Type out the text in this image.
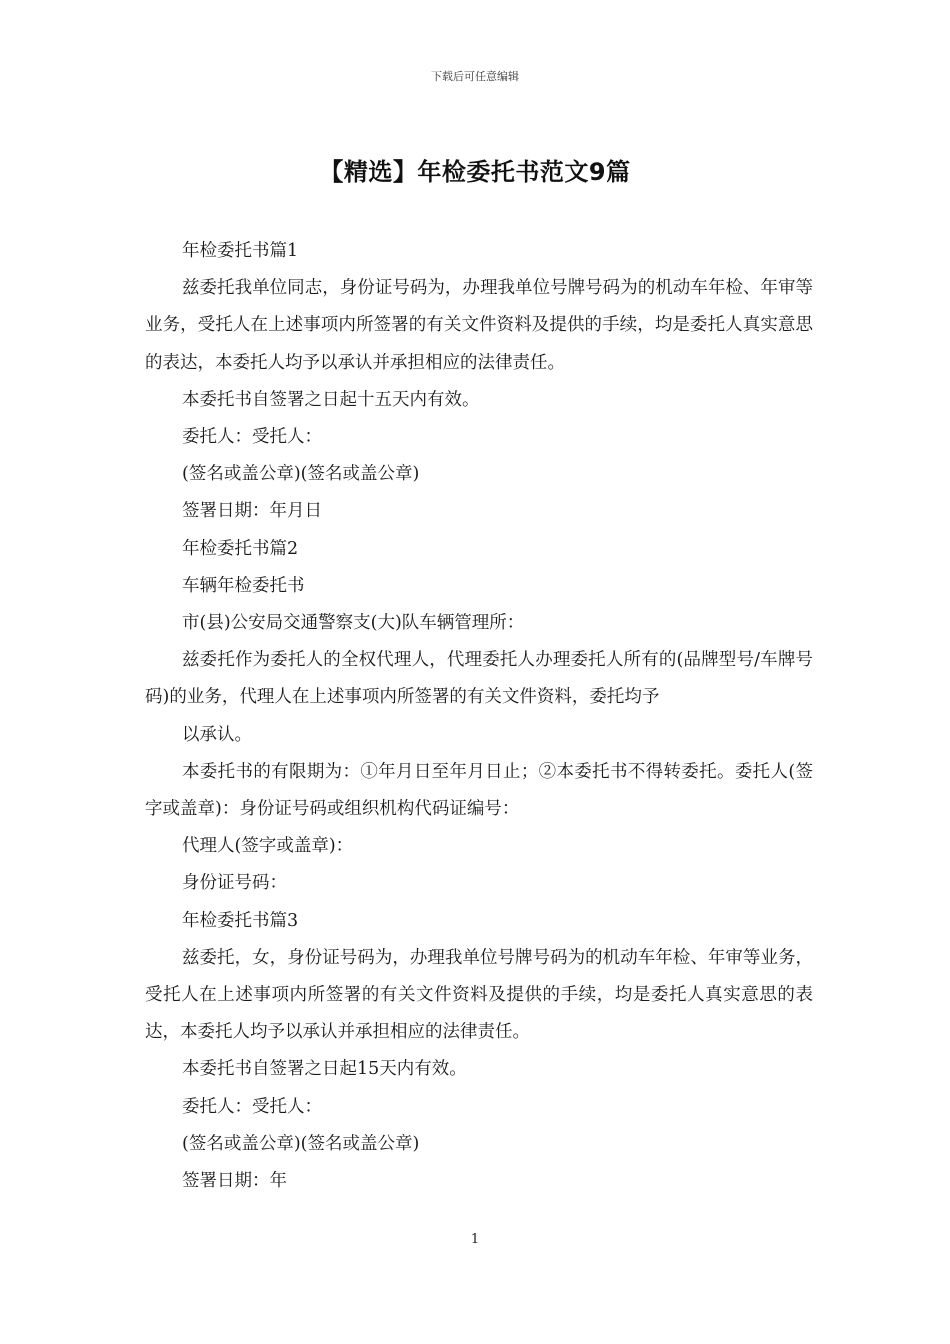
下载后可任意编辑
【精选】年检委托书范文9篇

年检委托书篇1

兹委托我单位同志，身份证号码为，办理我单位号牌号码为的机动车年检、年审等业务，受托人在上述事项内所签署的有关文件资料及提供的手续，均是委托人真实意思的表达，本委托人均予以承认并承担相应的法律责任。

本委托书自签署之日起十五天内有效。

委托人：受托人：

(签名或盖公章)(签名或盖公章)

签署日期：年月日

年检委托书篇2

车辆年检委托书

市(县)公安局交通警察支(大)队车辆管理所：

兹委托作为委托人的全权代理人，代理委托人办理委托人所有的(品牌型号/车牌号码)的业务，代理人在上述事项内所签署的有关文件资料，委托均予

以承认。

本委托书的有限期为：①年月日至年月日止；②本委托书不得转委托。委托人(签字或盖章)：身份证号码或组织机构代码证编号：

代理人(签字或盖章)：

身份证号码：

年检委托书篇3

兹委托，女，身份证号码为，办理我单位号牌号码为的机动车年检、年审等业务，受托人在上述事项内所签署的有关文件资料及提供的手续，均是委托人真实意思的表达，本委托人均予以承认并承担相应的法律责任。

本委托书自签署之日起15天内有效。

委托人：受托人：

(签名或盖公章)(签名或盖公章)

签署日期：年

1
